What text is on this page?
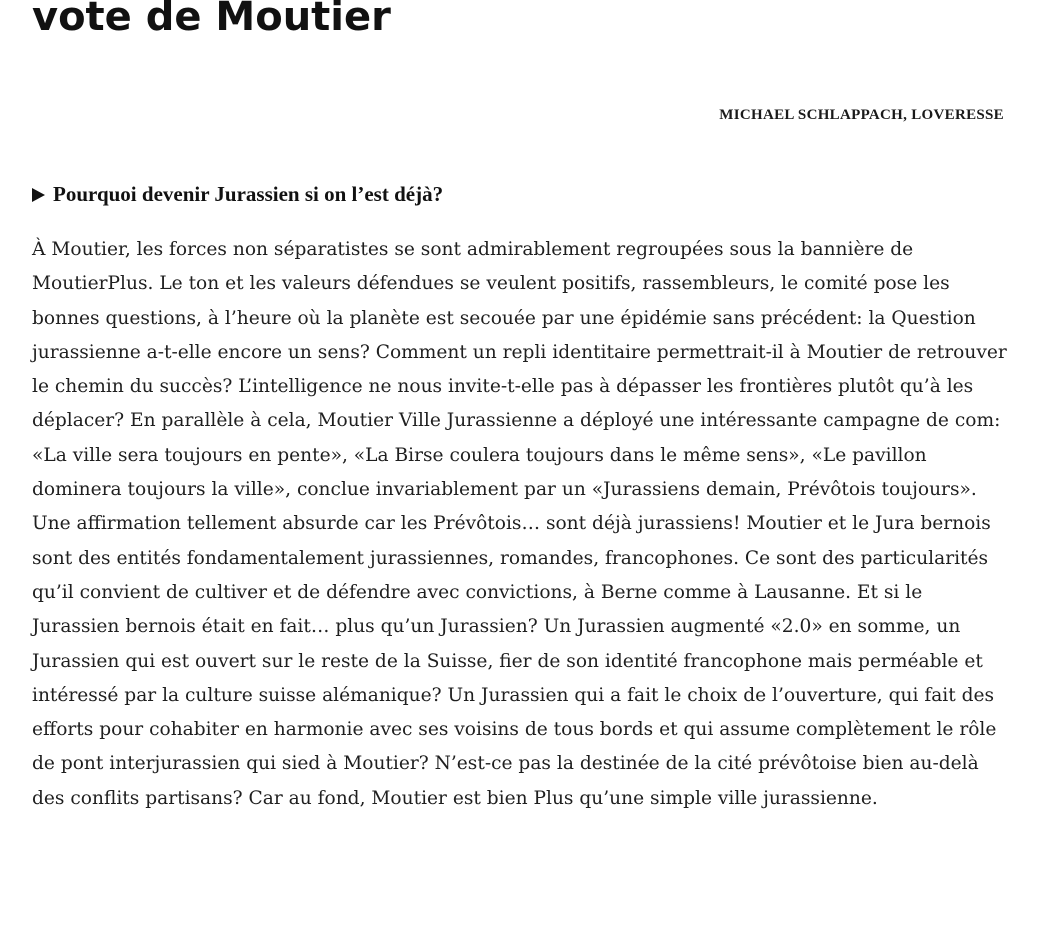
vote de Moutier
MICHAEL SCHLAPPACH, LOVERESSE
Pourquoi devenir Jurassien si on l’est déjà?

À Moutier, les forces non séparatistes se sont admirablement regroupées sous la bannière de MoutierPlus. Le ton et les valeurs défendues se veulent positifs, rassembleurs, le comité pose les bonnes questions, à l’heure où la planète est secouée par une épidémie sans précédent: la Question jurassienne a-t-elle encore un sens? Comment un repli identitaire permettrait-il à Moutier de retrouver le chemin du succès? L’intelligence ne nous invite-t-elle pas à dépasser les frontières plutôt qu’à les déplacer? En parallèle à cela, Moutier Ville Jurassienne a déployé une intéressante campagne de com: «La ville sera toujours en pente», «La Birse coulera toujours dans le même sens», «Le pavillon dominera toujours la ville», conclue invariablement par un «Jurassiens demain, Prévôtois toujours». Une affirmation tellement absurde car les Prévôtois… sont déjà jurassiens! Moutier et le Jura bernois sont des entités fondamentalement jurassiennes, romandes, francophones. Ce sont des particularités qu’il convient de cultiver et de défendre avec convictions, à Berne comme à Lausanne. Et si le Jurassien bernois était en fait… plus qu’un Jurassien? Un Jurassien augmenté «2.0» en somme, un Jurassien qui est ouvert sur le reste de la Suisse, fier de son identité francophone mais perméable et intéressé par la culture suisse alémanique? Un Jurassien qui a fait le choix de l’ouverture, qui fait des efforts pour cohabiter en harmonie avec ses voisins de tous bords et qui assume complètement le rôle de pont interjurassien qui sied à Moutier? N’est-ce pas la destinée de la cité prévôtoise bien au-delà des conflits partisans? Car au fond, Moutier est bien Plus qu’une simple ville jurassienne.
